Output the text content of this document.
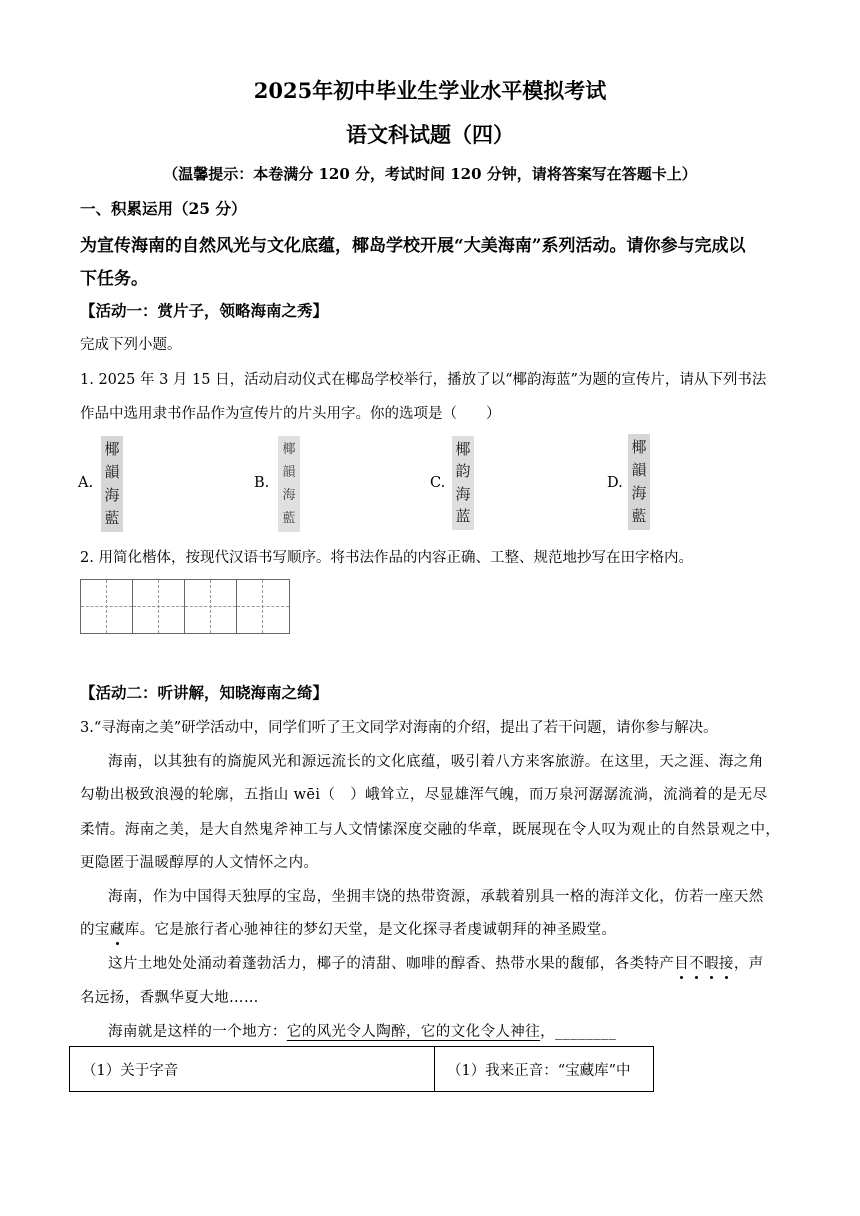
2025年初中毕业生学业水平模拟考试
语文科试题（四）
（温馨提示：本卷满分 120 分，考试时间 120 分钟，请将答案写在答题卡上）
一、积累运用（25 分）
为宣传海南的自然风光与文化底蕴，椰岛学校开展“大美海南”系列活动。请你参与完成以
下任务。
【活动一：赏片子，领略海南之秀】
完成下列小题。
1. 2025 年 3 月 15 日，活动启动仪式在椰岛学校举行，播放了以“椰韵海蓝”为题的宣传片，请从下列书法
作品中选用隶书作品作为宣传片的片头用字。你的选项是（　　）
A.
椰
韻
海
藍
B.
椰
韻
海
藍
C.
椰
韵
海
蓝
D.
椰
韻
海
藍
2. 用简化楷体，按现代汉语书写顺序。将书法作品的内容正确、工整、规范地抄写在田字格内。
【活动二：听讲解，知晓海南之绮】
3.“寻海南之美”研学活动中，同学们听了王文同学对海南的介绍，提出了若干问题，请你参与解决。
海南，以其独有的旖旎风光和源远流长的文化底蕴，吸引着八方来客旅游。在这里，天之涯、海之角
勾勒出极致浪漫的轮廓，五指山 wēi（　）峨耸立，尽显雄浑气魄，而万泉河潺潺流淌，流淌着的是无尽
柔情。海南之美，是大自然鬼斧神工与人文情愫深度交融的华章，既展现在令人叹为观止的自然景观之中，
更隐匿于温暖醇厚的人文情怀之内。
海南，作为中国得天独厚的宝岛，坐拥丰饶的热带资源，承载着别具一格的海洋文化，仿若一座天然
的宝藏库。它是旅行者心驰神往的梦幻天堂，是文化探寻者虔诚朝拜的神圣殿堂。
这片土地处处涌动着蓬勃活力，椰子的清甜、咖啡的醇香、热带水果的馥郁，各类特产目不暇接，声
名远扬，香飘华夏大地……
海南就是这样的一个地方：它的风光令人陶醉，它的文化令人神往，________
（1）关于字音	（1）我来正音：“宝藏库”中
